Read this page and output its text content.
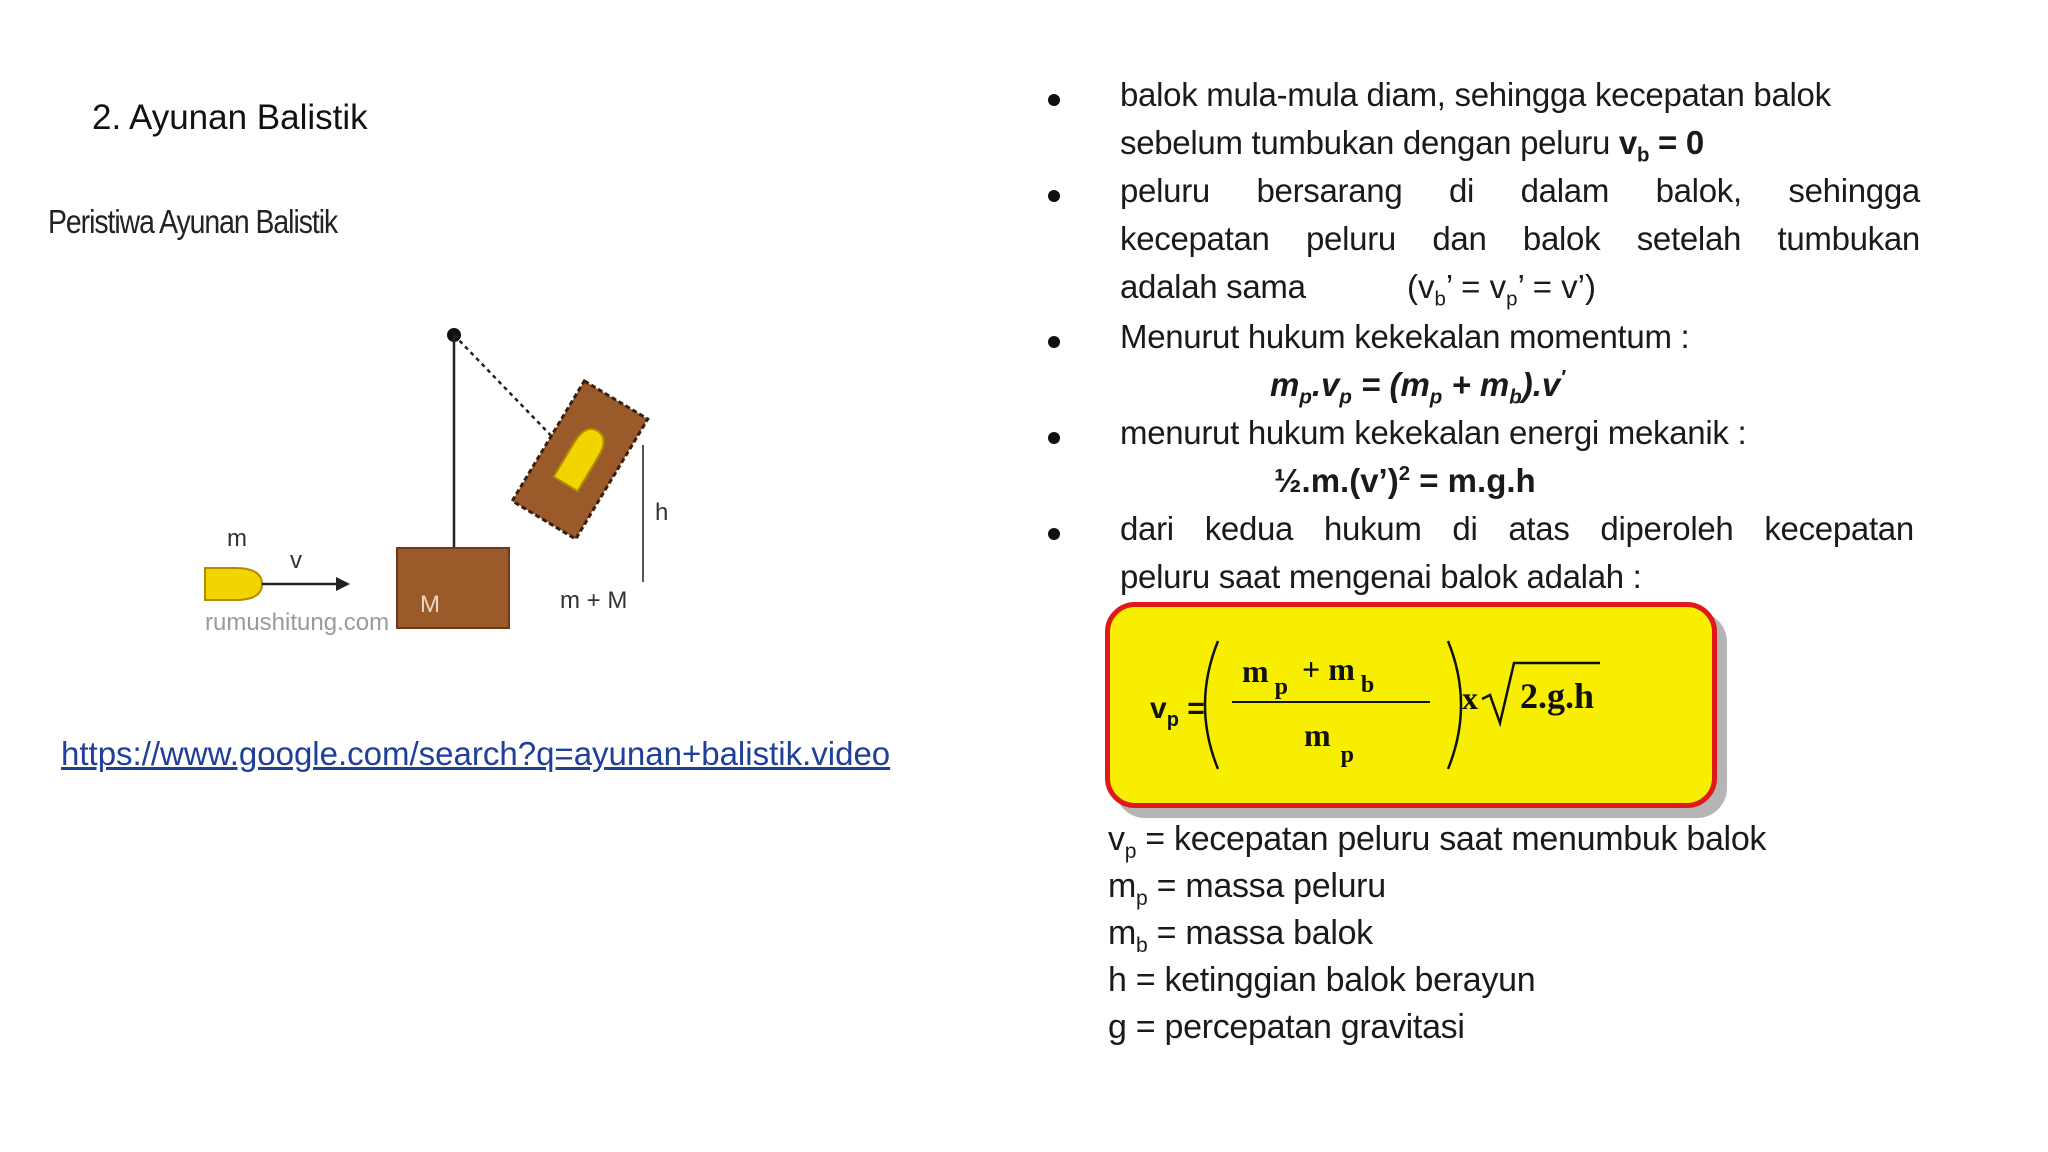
2. Ayunan Balistik
Peristiwa Ayunan Balistik
m
v
rumushitung.com
M	m + M
h
https://www.google.com/search?q=ayunan+balistik.video
balok mula-mula diam, sehingga kecepatan balok
sebelum tumbukan dengan peluru $v_b = 0$
peluru bersarang di dalam balok, sehingga
kecepatan peluru dan balok setelah tumbukan
adalah sama	($v_b$’ = $v_p$’ = v’)
Menurut hukum kekekalan momentum :
$m_p.v_p = (m_p + m_b).v'$
menurut hukum kekekalan energi mekanik :
½.m.(v’)$^2$ = m.g.h
dari kedua hukum di atas diperoleh kecepatan
peluru saat mengenai balok adalah :
$v_p$ =
m $_p$ + m $_b$
$m_p$
x 2.g.h
$v_p$ = kecepatan peluru saat menumbuk balok
$m_p$ = massa peluru
$m_b$ = massa balok
h = ketinggian balok berayun
g = percepatan gravitasi
